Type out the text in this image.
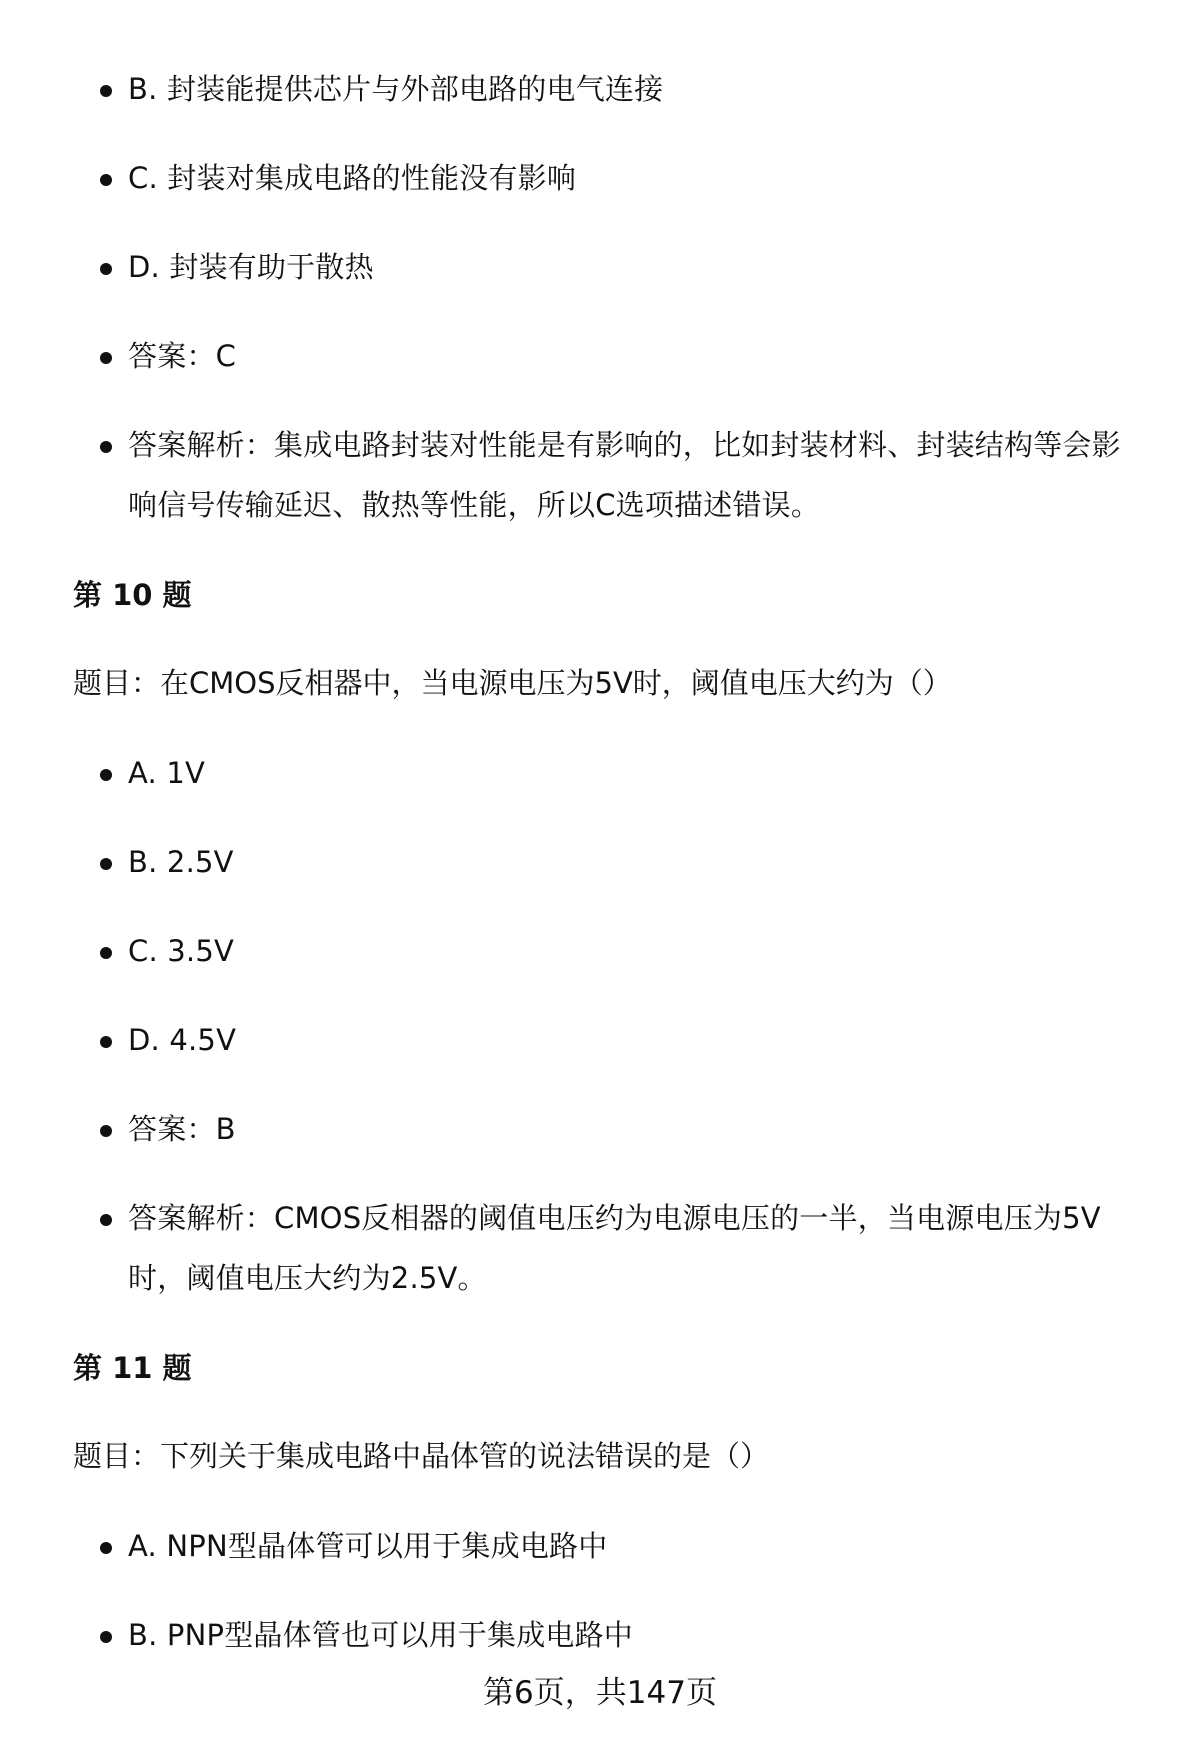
B. 封装能提供芯片与外部电路的电气连接
C. 封装对集成电路的性能没有影响
D. 封装有助于散热
答案：C
答案解析：集成电路封装对性能是有影响的，比如封装材料、封装结构等会影响信号传输延迟、散热等性能，所以C选项描述错误。
第 10 题
题目：在CMOS反相器中，当电源电压为5V时，阈值电压大约为（）
A. 1V
B. 2.5V
C. 3.5V
D. 4.5V
答案：B
答案解析：CMOS反相器的阈值电压约为电源电压的一半，当电源电压为5V时，阈值电压大约为2.5V。
第 11 题
题目：下列关于集成电路中晶体管的说法错误的是（）
A. NPN型晶体管可以用于集成电路中
B. PNP型晶体管也可以用于集成电路中
第6页，共147页
